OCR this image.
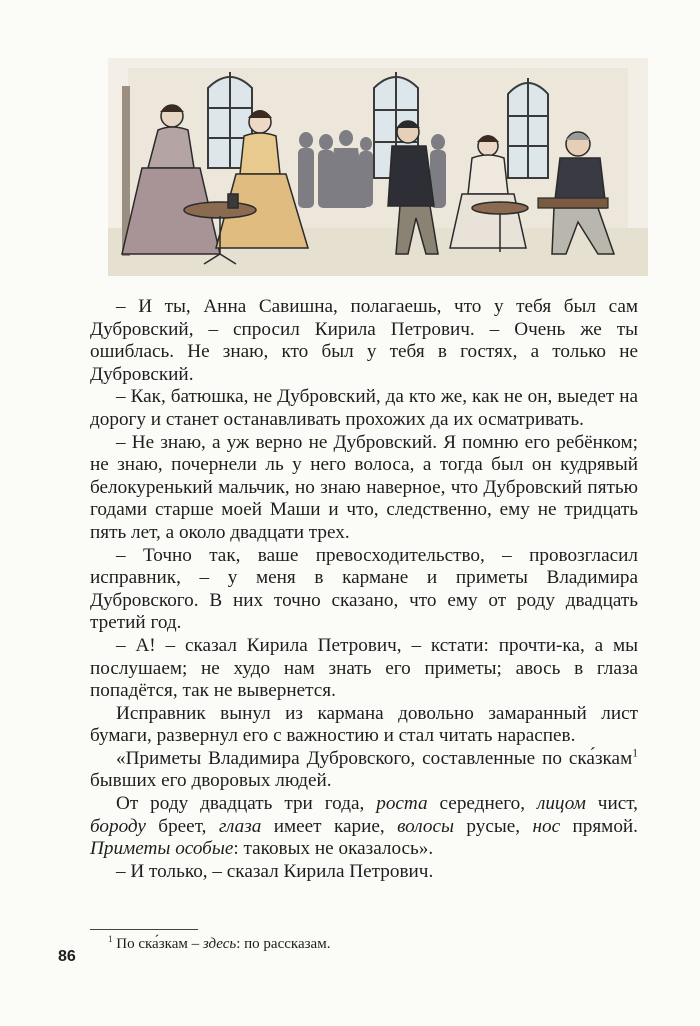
– И ты, Анна Савишна, полагаешь, что у тебя был сам Дубровский, – спросил Кирила Петрович. – Очень же ты ошиблась. Не знаю, кто был у тебя в гостях, а только не Дубровский.

– Как, батюшка, не Дубровский, да кто же, как не он, выедет на дорогу и станет останавливать прохожих да их осматривать.

– Не знаю, а уж верно не Дубровский. Я помню его ребёнком; не знаю, почернели ль у него волоса, а тогда был он кудрявый белокуренький мальчик, но знаю наверное, что Дубровский пятью годами старше моей Маши и что, следственно, ему не тридцать пять лет, а около двадцати трех.

– Точно так, ваше превосходительство, – провозгласил исправник, – у меня в кармане и приметы Владимира Дубровского. В них точно сказано, что ему от роду двадцать третий год.

– А! – сказал Кирила Петрович, – кстати: прочти-ка, а мы послушаем; не худо нам знать его приметы; авось в глаза попадётся, так не вывернется.

Исправник вынул из кармана довольно замаранный лист бумаги, развернул его с важностию и стал читать нараспев.

«Приметы Владимира Дубровского, составленные по ска́зкам$^1$ бывших его дворовых людей.

От роду двадцать три года, роста середнего, лицом чист, бороду бреет, глаза имеет карие, волосы русые, нос прямой. Приметы особые: таковых не оказалось».

– И только, – сказал Кирила Петрович.

$^1$ По ска́зкам – здесь: по рассказам.
86
